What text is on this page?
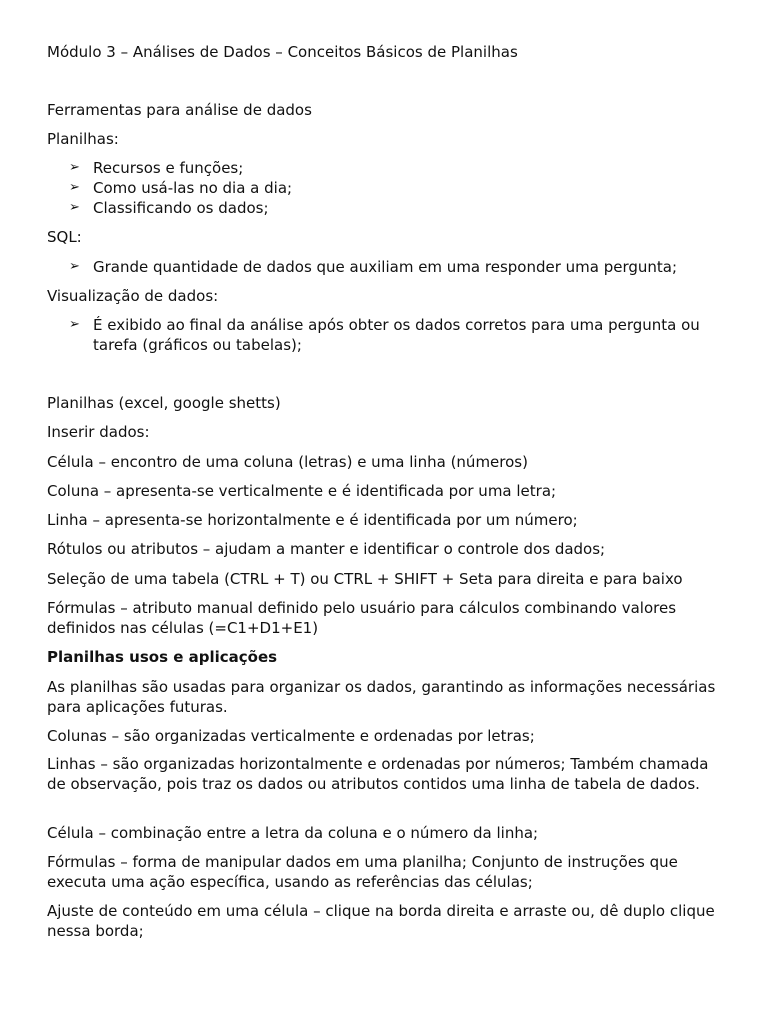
Módulo 3 – Análises de Dados – Conceitos Básicos de Planilhas
Ferramentas para análise de dados
Planilhas:
➢ Recursos e funções;
➢ Como usá-las no dia a dia;
➢ Classificando os dados;
SQL:
➢ Grande quantidade de dados que auxiliam em uma responder uma pergunta;
Visualização de dados:
➢ É exibido ao final da análise após obter os dados corretos para uma pergunta ou tarefa (gráficos ou tabelas);
Planilhas (excel, google shetts)
Inserir dados:
Célula – encontro de uma coluna (letras) e uma linha (números)
Coluna – apresenta-se verticalmente e é identificada por uma letra;
Linha – apresenta-se horizontalmente e é identificada por um número;
Rótulos ou atributos – ajudam a manter e identificar o controle dos dados;
Seleção de uma tabela (CTRL + T) ou CTRL + SHIFT + Seta para direita e para baixo
Fórmulas – atributo manual definido pelo usuário para cálculos combinando valores definidos nas células (=C1+D1+E1)
Planilhas usos e aplicações
As planilhas são usadas para organizar os dados, garantindo as informações necessárias para aplicações futuras.
Colunas – são organizadas verticalmente e ordenadas por letras;
Linhas – são organizadas horizontalmente e ordenadas por números; Também chamada de observação, pois traz os dados ou atributos contidos uma linha de tabela de dados.
Célula – combinação entre a letra da coluna e o número da linha;
Fórmulas – forma de manipular dados em uma planilha; Conjunto de instruções que executa uma ação específica, usando as referências das células;
Ajuste de conteúdo em uma célula – clique na borda direita e arraste ou, dê duplo clique nessa borda;
